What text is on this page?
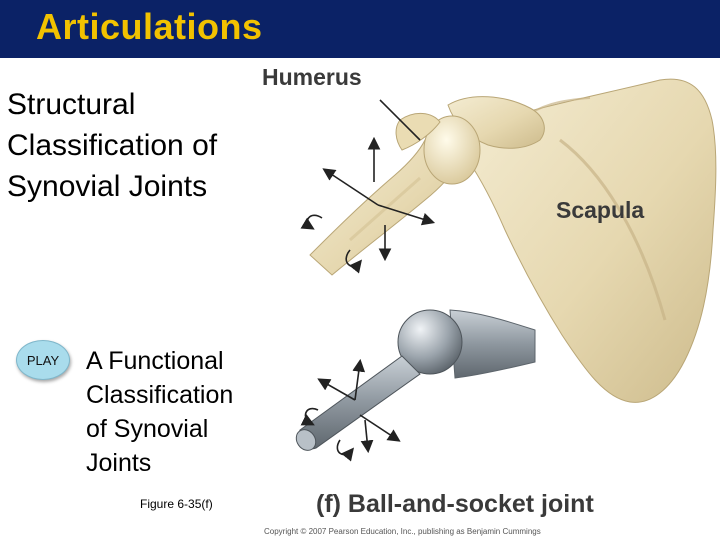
Articulations
Structural
Classification of
Synovial Joints
PLAY A Functional
Classification
of Synovial
Joints
Figure 6-35(f)
Humerus
Scapula
(f) Ball-and-socket joint
Copyright © 2007 Pearson Education, Inc., publishing as Benjamin Cummings
